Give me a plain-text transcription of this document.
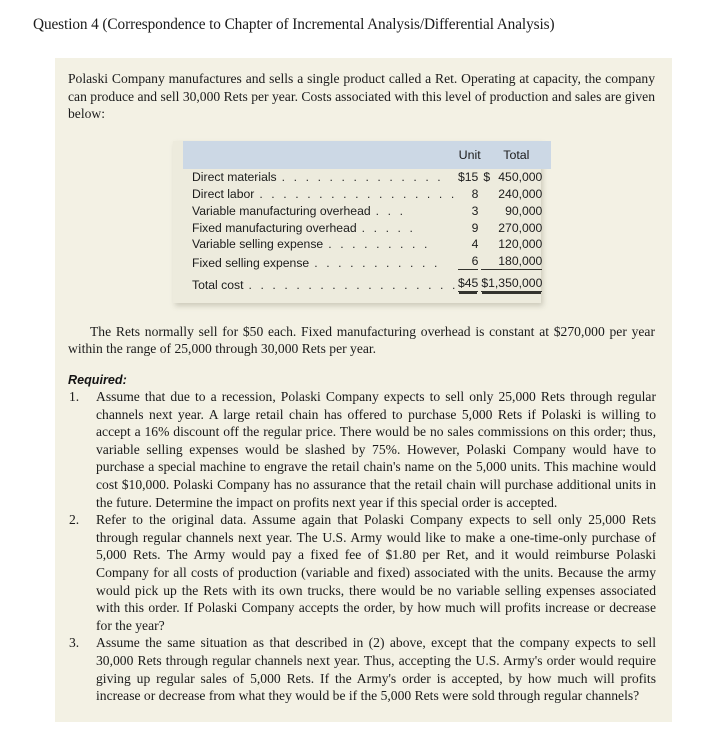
Question 4 (Correspondence to Chapter of Incremental Analysis/Differential Analysis)

Polaski Company manufactures and sells a single product called a Ret. Operating at capacity, the company can produce and sell 30,000 Rets per year. Costs associated with this level of production and sales are given below:

	Unit	Total
Direct materials . . . . . . . . . . . . . .	$15	$ 450,000
Direct labor . . . . . . . . . . . . . . . . .	8	240,000
Variable manufacturing overhead . . .	3	90,000
Fixed manufacturing overhead . . . . .	9	270,000
Variable selling expense . . . . . . . . .	4	120,000
Fixed selling expense . . . . . . . . . . .	6	180,000
Total cost . . . . . . . . . . . . . . . . . .	$45	$1,350,000

The Rets normally sell for $50 each. Fixed manufacturing overhead is constant at $270,000 per year within the range of 25,000 through 30,000 Rets per year.

Required:
1. Assume that due to a recession, Polaski Company expects to sell only 25,000 Rets through regular channels next year. A large retail chain has offered to purchase 5,000 Rets if Polaski is willing to accept a 16% discount off the regular price. There would be no sales commissions on this order; thus, variable selling expenses would be slashed by 75%. However, Polaski Company would have to purchase a special machine to engrave the retail chain's name on the 5,000 units. This machine would cost $10,000. Polaski Company has no assurance that the retail chain will purchase additional units in the future. Determine the impact on profits next year if this special order is accepted.
2. Refer to the original data. Assume again that Polaski Company expects to sell only 25,000 Rets through regular channels next year. The U.S. Army would like to make a one-time-only purchase of 5,000 Rets. The Army would pay a fixed fee of $1.80 per Ret, and it would reimburse Polaski Company for all costs of production (variable and fixed) associated with the units. Because the army would pick up the Rets with its own trucks, there would be no variable selling expenses associated with this order. If Polaski Company accepts the order, by how much will profits increase or decrease for the year?
3. Assume the same situation as that described in (2) above, except that the company expects to sell 30,000 Rets through regular channels next year. Thus, accepting the U.S. Army's order would require giving up regular sales of 5,000 Rets. If the Army's order is accepted, by how much will profits increase or decrease from what they would be if the 5,000 Rets were sold through regular channels?
